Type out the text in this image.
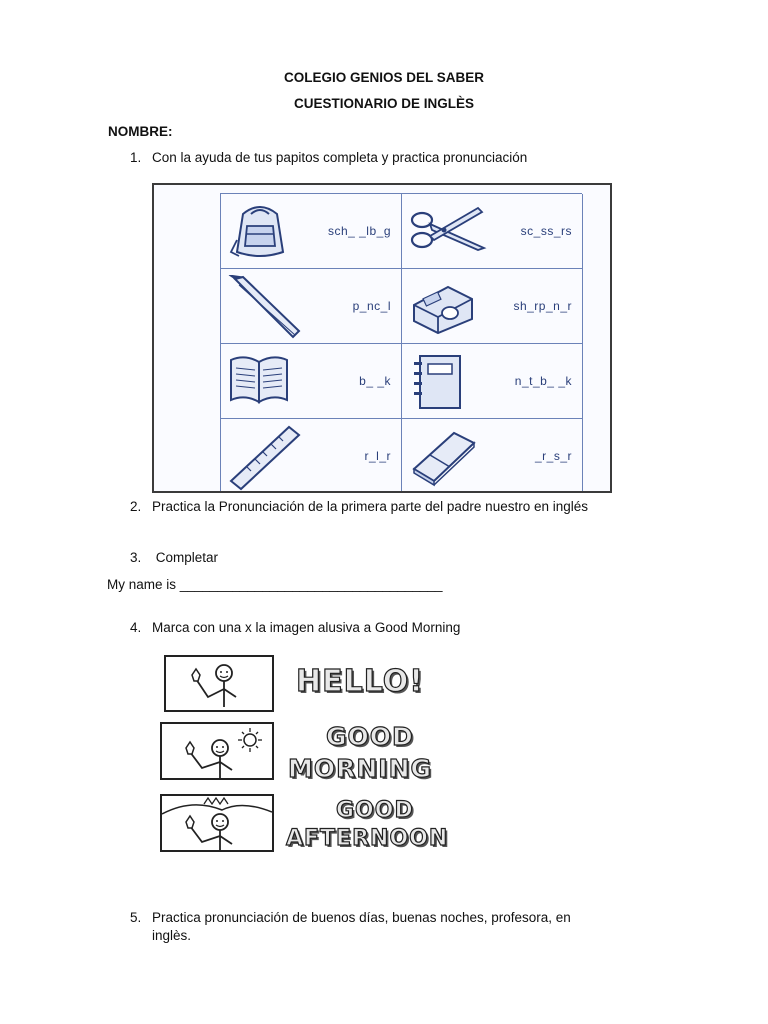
COLEGIO GENIOS DEL SABER
CUESTIONARIO DE INGLÈS
NOMBRE:
1. Con la ayuda de tus papitos completa y practica pronunciación
sch_ _lb_g	sc_ss_rs
p_nc_l	sh_rp_n_r
b_ _k	n_t_b_ _k
r_l_r	_r_s_r
2. Practica la Pronunciación de la primera parte del padre nuestro en inglés
3. Completar
My name is ___________________________________
4. Marca con una x la imagen alusiva a Good Morning
HELLO!
GOOD
MORNING
GOOD
AFTERNOON
5. Practica pronunciación de buenos días, buenas noches, profesora, en
inglès.
